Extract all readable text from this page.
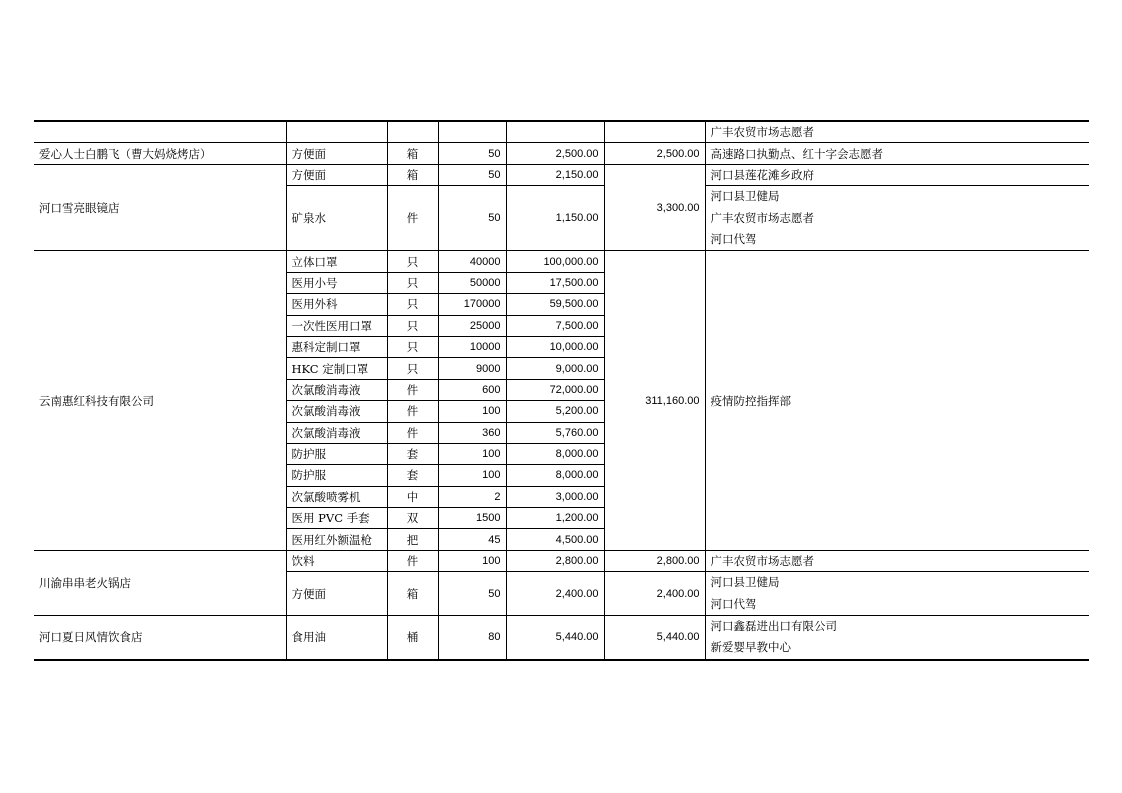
						广丰农贸市场志愿者
爱心人士白鹏飞（曹大妈烧烤店）	方便面	箱	50	2,500.00	2,500.00	高速路口执勤点、红十字会志愿者
河口雪亮眼镜店	方便面	箱	50	2,150.00	3,300.00	河口县莲花滩乡政府
	矿泉水	件	50	1,150.00		河口县卫健局
广丰农贸市场志愿者
河口代驾

云南惠红科技有限公司	立体口罩	只	40000	100,000.00	311,160.00	疫情防控指挥部
	医用小号	只	50000	17,500.00		
	医用外科	只	170000	59,500.00		
	一次性医用口罩	只	25000	7,500.00		
	惠科定制口罩	只	10000	10,000.00		
	HKC 定制口罩	只	9000	9,000.00		
	次氯酸消毒液	件	600	72,000.00		
	次氯酸消毒液	件	100	5,200.00		
	次氯酸消毒液	件	360	5,760.00		
	防护服	套	100	8,000.00		
	防护服	套	100	8,000.00		
	次氯酸喷雾机	中	2	3,000.00		
	医用 PVC 手套	双	1500	1,200.00		
	医用红外额温枪	把	45	4,500.00		
川渝串串老火锅店	饮料	件	100	2,800.00	2,800.00	广丰农贸市场志愿者
	方便面	箱	50	2,400.00	2,400.00	河口县卫健局
河口代驾

河口夏日风情饮食店	食用油	桶	80	5,440.00	5,440.00	河口鑫磊进出口有限公司
新爱婴早教中心
